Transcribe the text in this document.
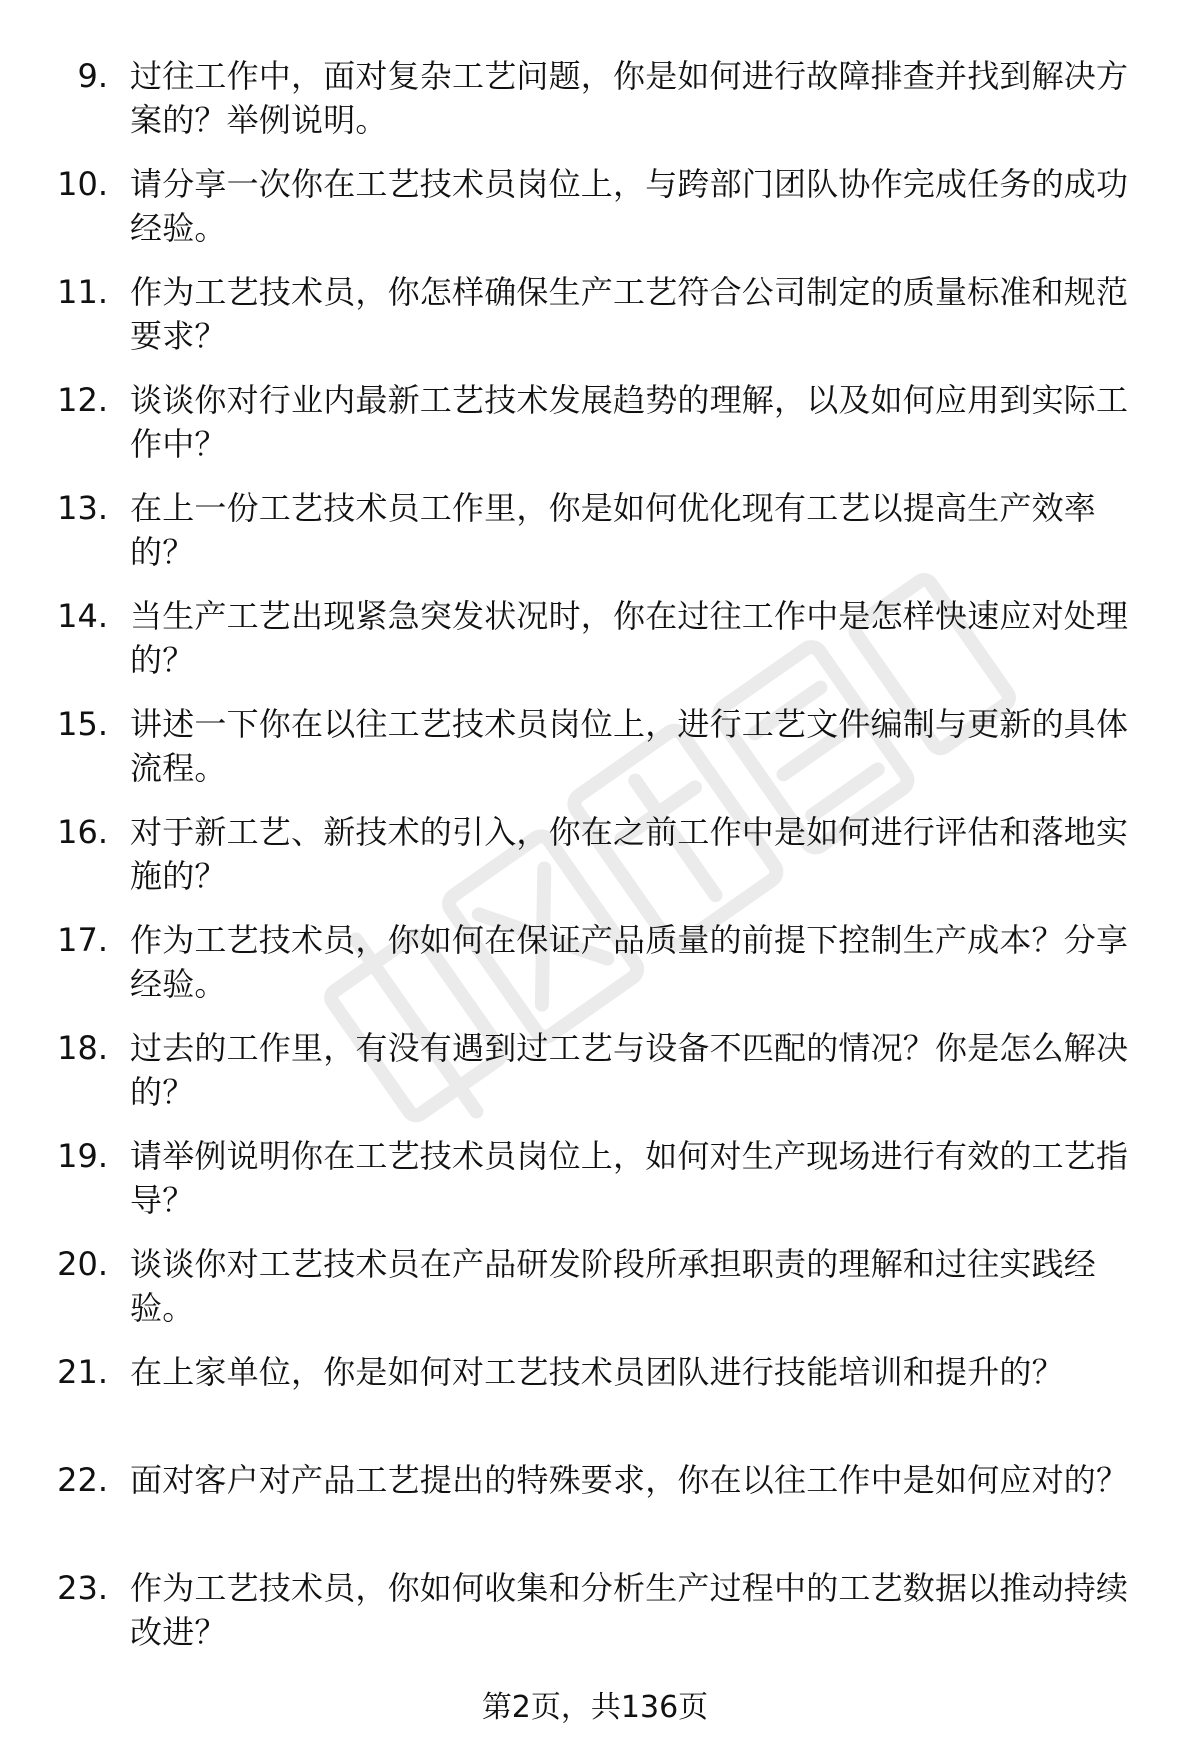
9. 过往工作中，面对复杂工艺问题，你是如何进行故障排查并找到解决方案的？举例说明。
10. 请分享一次你在工艺技术员岗位上，与跨部门团队协作完成任务的成功经验。
11. 作为工艺技术员，你怎样确保生产工艺符合公司制定的质量标准和规范要求？
12. 谈谈你对行业内最新工艺技术发展趋势的理解，以及如何应用到实际工作中？
13. 在上一份工艺技术员工作里，你是如何优化现有工艺以提高生产效率的？
14. 当生产工艺出现紧急突发状况时，你在过往工作中是怎样快速应对处理的？
15. 讲述一下你在以往工艺技术员岗位上，进行工艺文件编制与更新的具体流程。
16. 对于新工艺、新技术的引入，你在之前工作中是如何进行评估和落地实施的？
17. 作为工艺技术员，你如何在保证产品质量的前提下控制生产成本？分享经验。
18. 过去的工作里，有没有遇到过工艺与设备不匹配的情况？你是怎么解决的？
19. 请举例说明你在工艺技术员岗位上，如何对生产现场进行有效的工艺指导？
20. 谈谈你对工艺技术员在产品研发阶段所承担职责的理解和过往实践经验。
21. 在上家单位，你是如何对工艺技术员团队进行技能培训和提升的？
22. 面对客户对产品工艺提出的特殊要求，你在以往工作中是如何应对的？
23. 作为工艺技术员，你如何收集和分析生产过程中的工艺数据以推动持续改进？
第2页，共136页
